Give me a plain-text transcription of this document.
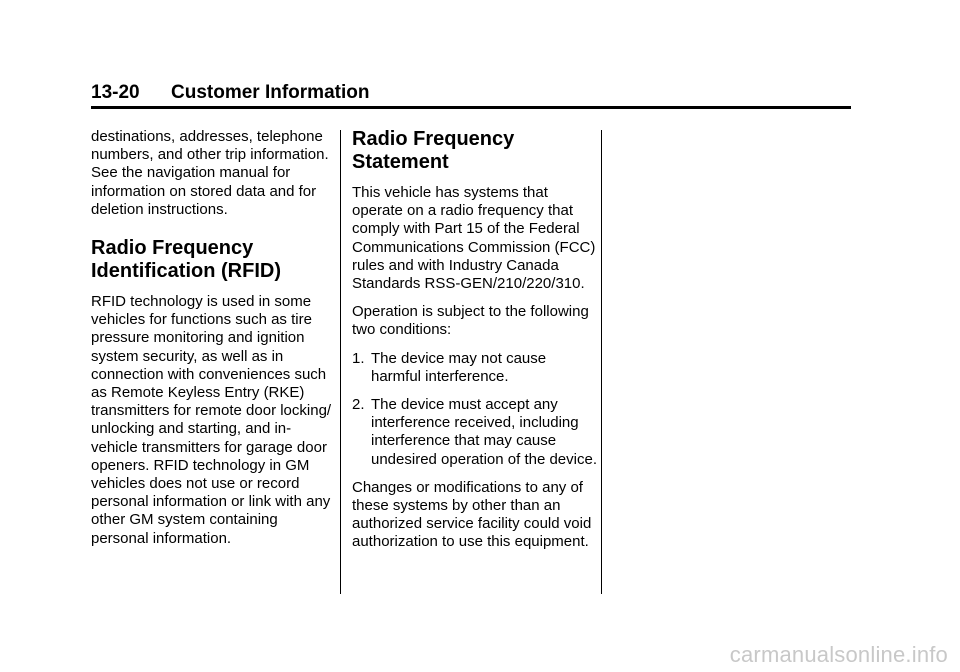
13-20 Customer Information

destinations, addresses, telephone numbers, and other trip information. See the navigation manual for information on stored data and for deletion instructions.

Radio Frequency Identification (RFID)

RFID technology is used in some vehicles for functions such as tire pressure monitoring and ignition system security, as well as in connection with conveniences such as Remote Keyless Entry (RKE) transmitters for remote door locking/ unlocking and starting, and in-vehicle transmitters for garage door openers. RFID technology in GM vehicles does not use or record personal information or link with any other GM system containing personal information.

Radio Frequency Statement

This vehicle has systems that operate on a radio frequency that comply with Part 15 of the Federal Communications Commission (FCC) rules and with Industry Canada Standards RSS-GEN/210/220/310.

Operation is subject to the following two conditions:

1. The device may not cause harmful interference.
2. The device must accept any interference received, including interference that may cause undesired operation of the device.

Changes or modifications to any of these systems by other than an authorized service facility could void authorization to use this equipment.

carmanualsonline.info
